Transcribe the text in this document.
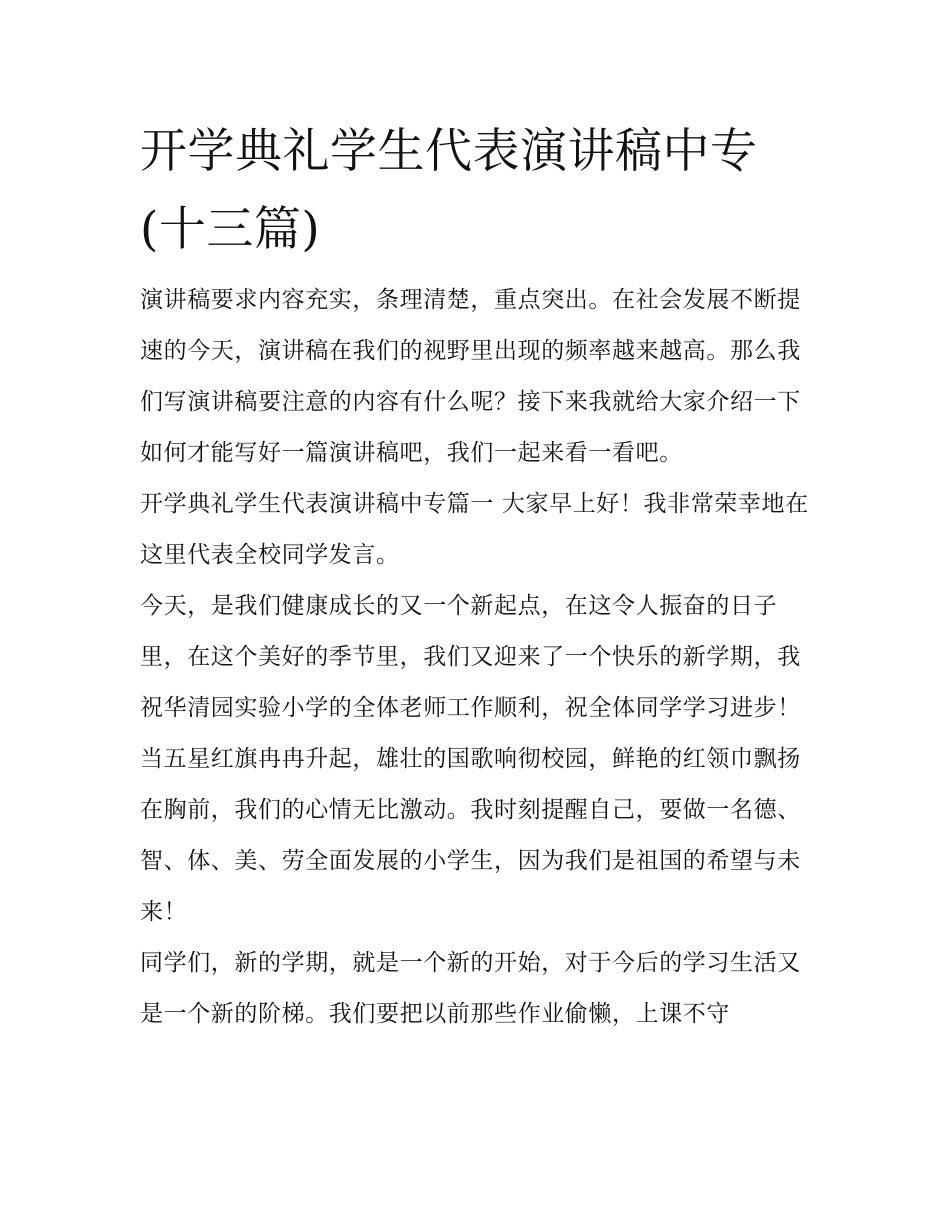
开学典礼学生代表演讲稿中专(十三篇)

演讲稿要求内容充实，条理清楚，重点突出。在社会发展不断提速的今天，演讲稿在我们的视野里出现的频率越来越高。那么我们写演讲稿要注意的内容有什么呢？接下来我就给大家介绍一下如何才能写好一篇演讲稿吧，我们一起来看一看吧。

开学典礼学生代表演讲稿中专篇一 大家早上好！我非常荣幸地在这里代表全校同学发言。

今天，是我们健康成长的又一个新起点，在这令人振奋的日子里，在这个美好的季节里，我们又迎来了一个快乐的新学期，我祝华清园实验小学的全体老师工作顺利，祝全体同学学习进步！

当五星红旗冉冉升起，雄壮的国歌响彻校园，鲜艳的红领巾飘扬在胸前，我们的心情无比激动。我时刻提醒自己，要做一名德、智、体、美、劳全面发展的小学生，因为我们是祖国的希望与未来！

同学们，新的学期，就是一个新的开始，对于今后的学习生活又是一个新的阶梯。我们要把以前那些作业偷懒，上课不守
